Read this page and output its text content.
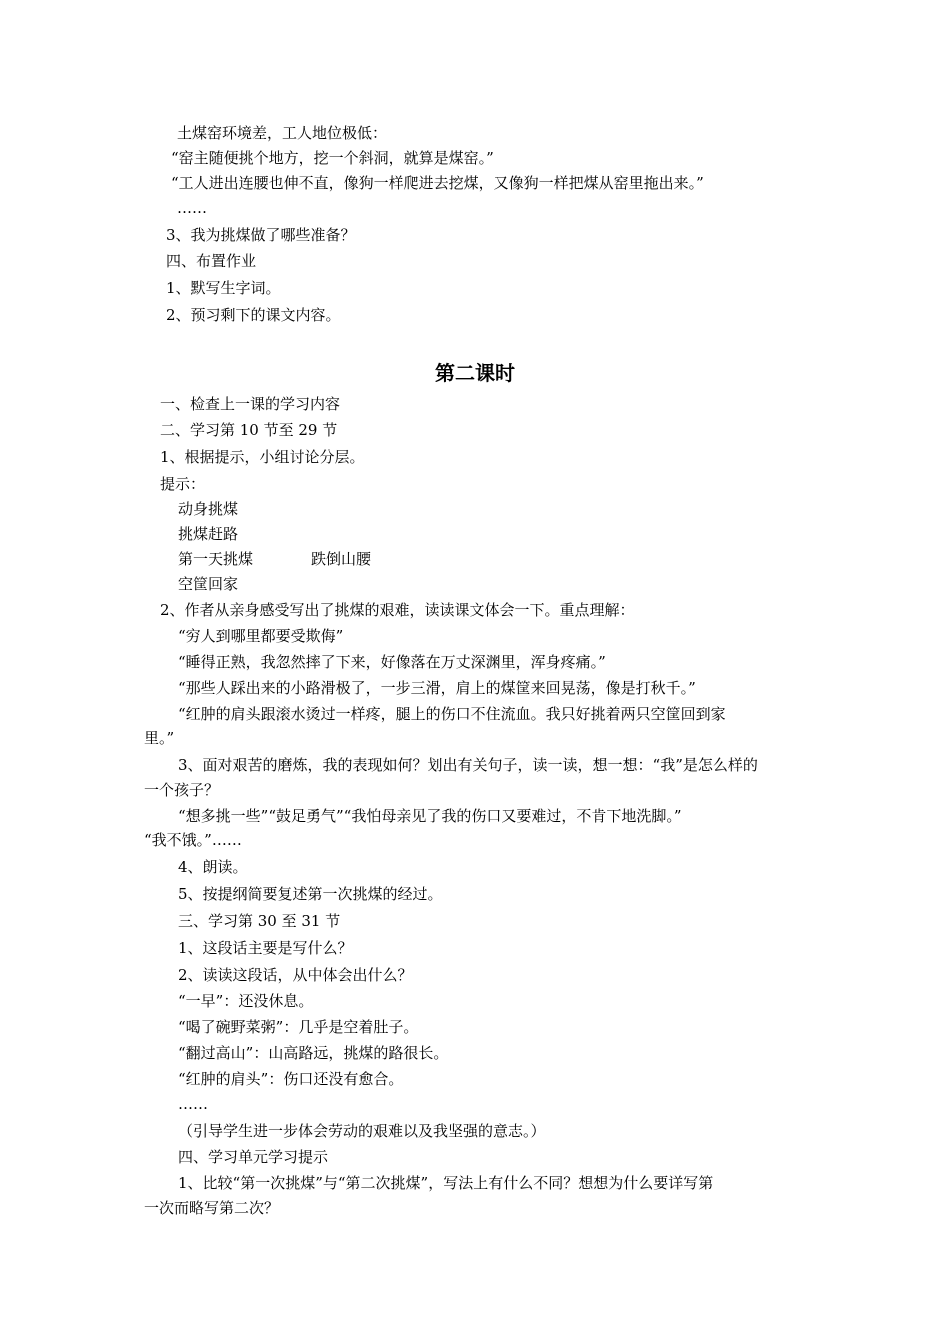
土煤窑环境差，工人地位极低：
“窑主随便挑个地方，挖一个斜洞，就算是煤窑。”
“工人进出连腰也伸不直，像狗一样爬进去挖煤，又像狗一样把煤从窑里拖出来。”
……
3、我为挑煤做了哪些准备？
四、布置作业
1、默写生字词。
2、预习剩下的课文内容。
第二课时
一、检查上一课的学习内容
二、学习第 10 节至 29 节
1、根据提示，小组讨论分层。
提示：
动身挑煤
挑煤赶路
第一天挑煤	跌倒山腰
空筐回家
2、作者从亲身感受写出了挑煤的艰难，读读课文体会一下。重点理解：
“穷人到哪里都要受欺侮”
“睡得正熟，我忽然摔了下来，好像落在万丈深渊里，浑身疼痛。”
“那些人踩出来的小路滑极了，一步三滑，肩上的煤筐来回晃荡，像是打秋千。”
“红肿的肩头跟滚水烫过一样疼，腿上的伤口不住流血。我只好挑着两只空筐回到家
里。”
3、面对艰苦的磨炼，我的表现如何？划出有关句子，读一读，想一想：“我”是怎么样的
一个孩子？
“想多挑一些”“鼓足勇气”“我怕母亲见了我的伤口又要难过，不肯下地洗脚。”
“我不饿。”……
4、朗读。
5、按提纲简要复述第一次挑煤的经过。
三、学习第 30 至 31 节
1、这段话主要是写什么？
2、读读这段话，从中体会出什么？
“一早”：还没休息。
“喝了碗野菜粥”：几乎是空着肚子。
“翻过高山”：山高路远，挑煤的路很长。
“红肿的肩头”：伤口还没有愈合。
……
（引导学生进一步体会劳动的艰难以及我坚强的意志。）
四、学习单元学习提示
1、比较“第一次挑煤”与“第二次挑煤”，写法上有什么不同？想想为什么要详写第
一次而略写第二次？
